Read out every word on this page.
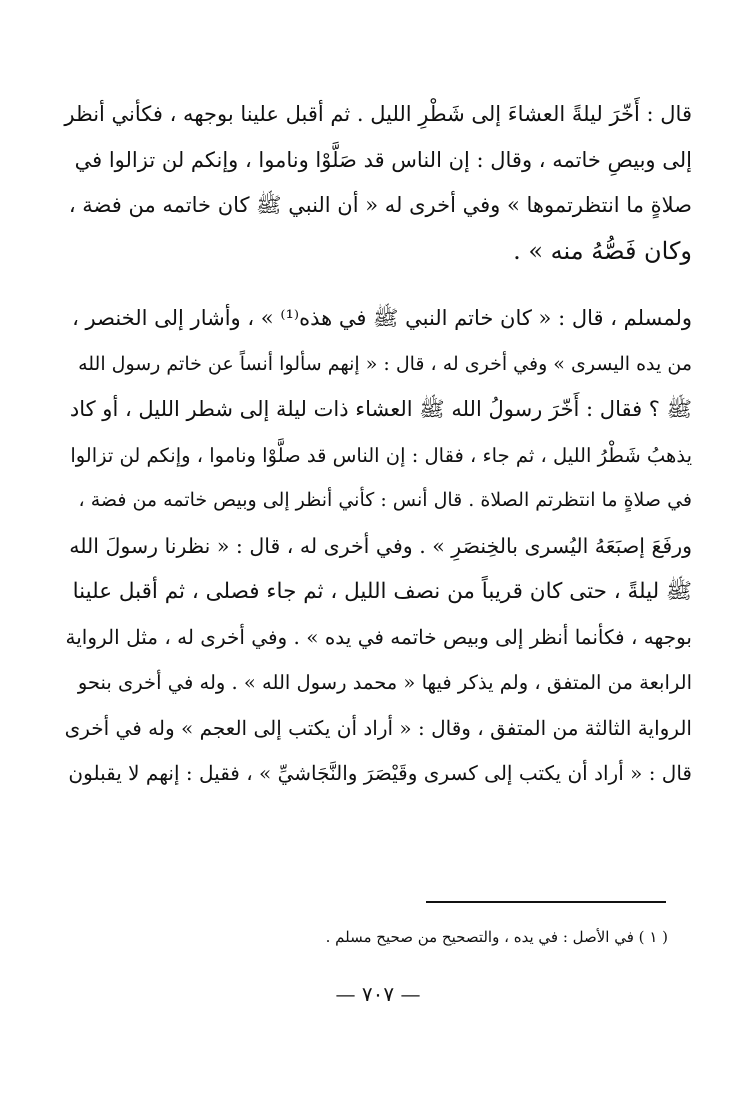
قال : أَخّرَ ليلةً العشاءَ إلى شَطْرِ الليل . ثم أقبل علينا بوجهه ، فكأني أنظر
إلى وبيصِ خاتمه ، وقال : إن الناس قد صَلَّوْا وناموا ، وإنكم لن تزالوا في
صلاةٍ ما انتظرتموها » وفي أخرى له « أن النبي ﷺ كان خاتمه من فضة ،
وكان فَصُّهُ منه » .
ولمسلم ، قال : « كان خاتم النبي ﷺ في هذه⁽¹⁾ » ، وأشار إلى الخنصر ،
من يده اليسرى » وفي أخرى له ، قال : « إنهم سألوا أنساً عن خاتم رسول الله
ﷺ ؟ فقال : أَخّرَ رسولُ الله ﷺ العشاء ذات ليلة إلى شطر الليل ، أو كاد
يذهبُ شَطْرُ الليل ، ثم جاء ، فقال : إن الناس قد صلَّوْا وناموا ، وإنكم لن تزالوا
في صلاةٍ ما انتظرتم الصلاة . قال أنس : كأني أنظر إلى وبيص خاتمه من فضة ،
ورفَعَ إصبَعَهُ اليُسرى بالخِنصَرِ » . وفي أخرى له ، قال : « نظرنا رسولَ الله
ﷺ ليلةً ، حتى كان قريباً من نصف الليل ، ثم جاء فصلى ، ثم أقبل علينا
بوجهه ، فكأنما أنظر إلى وبيص خاتمه في يده » . وفي أخرى له ، مثل الرواية
الرابعة من المتفق ، ولم يذكر فيها « محمد رسول الله » . وله في أخرى بنحو
الرواية الثالثة من المتفق ، وقال : « أراد أن يكتب إلى العجم » وله في أخرى
قال : « أراد أن يكتب إلى كسرى وقَيْصَرَ والنَّجَاشيِّ » ، فقيل : إنهم لا يقبلون
( ١ ) في الأصل : في يده ، والتصحيح من صحيح مسلم .
— ٧٠٧ —
